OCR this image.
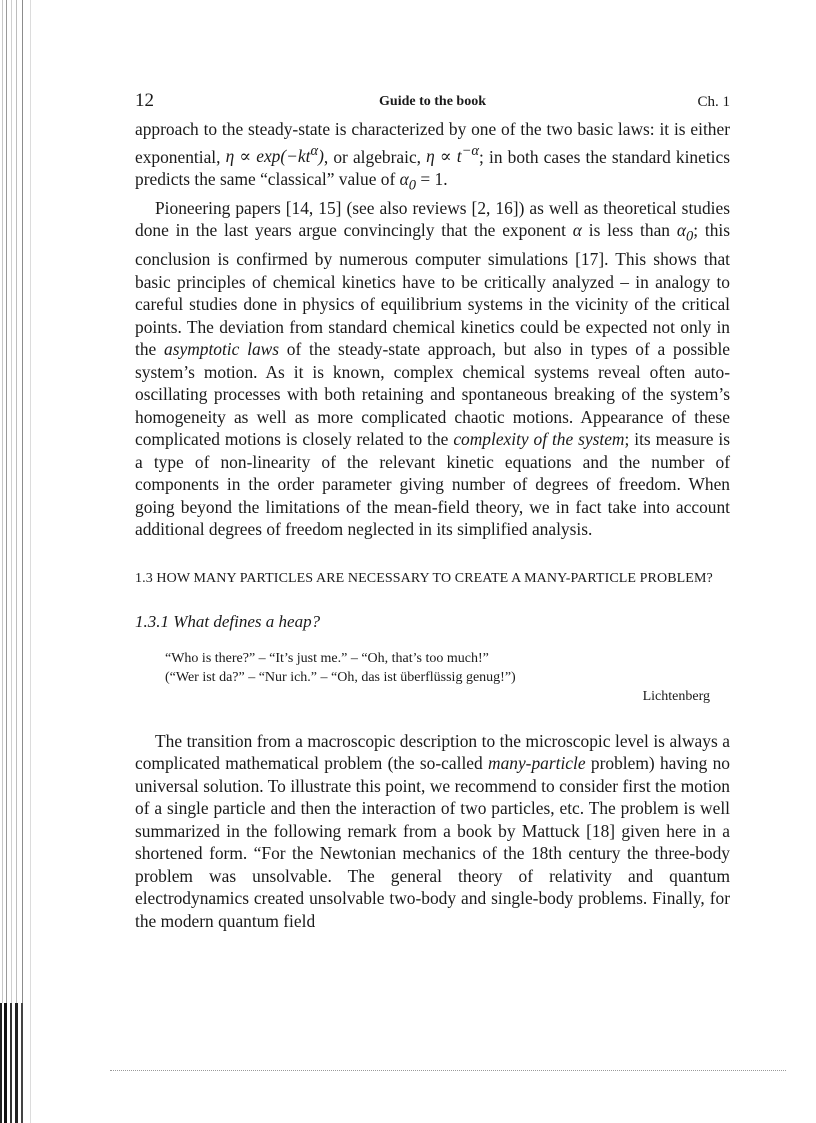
12	Guide to the book	Ch. 1

approach to the steady-state is characterized by one of the two basic laws: it is either exponential, $\eta \propto \exp(-kt^\alpha)$, or algebraic, $\eta \propto t^{-\alpha}$; in both cases the standard kinetics predicts the same “classical” value of $\alpha_0 = 1$.

Pioneering papers [14, 15] (see also reviews [2, 16]) as well as theoretical studies done in the last years argue convincingly that the exponent α is less than $\alpha_0$; this conclusion is confirmed by numerous computer simulations [17]. This shows that basic principles of chemical kinetics have to be critically analyzed – in analogy to careful studies done in physics of equilibrium systems in the vicinity of the critical points. The deviation from standard chemical kinetics could be expected not only in the asymptotic laws of the steady-state approach, but also in types of a possible system’s motion. As it is known, complex chemical systems reveal often auto-oscillating processes with both retaining and spontaneous breaking of the system’s homogeneity as well as more complicated chaotic motions. Appearance of these complicated motions is closely related to the complexity of the system; its measure is a type of non-linearity of the relevant kinetic equations and the number of components in the order parameter giving number of degrees of freedom. When going beyond the limitations of the mean-field theory, we in fact take into account additional degrees of freedom neglected in its simplified analysis.

1.3 HOW MANY PARTICLES ARE NECESSARY TO CREATE A MANY-PARTICLE PROBLEM?

1.3.1 What defines a heap?

“Who is there?” – “It’s just me.” – “Oh, that’s too much!”
(“Wer ist da?” – “Nur ich.” – “Oh, das ist überflüssig genug!”)
Lichtenberg

The transition from a macroscopic description to the microscopic level is always a complicated mathematical problem (the so-called many-particle problem) having no universal solution. To illustrate this point, we recommend to consider first the motion of a single particle and then the interaction of two particles, etc. The problem is well summarized in the following remark from a book by Mattuck [18] given here in a shortened form. “For the Newtonian mechanics of the 18th century the three-body problem was unsolvable. The general theory of relativity and quantum electrodynamics created unsolvable two-body and single-body problems. Finally, for the modern quantum field
